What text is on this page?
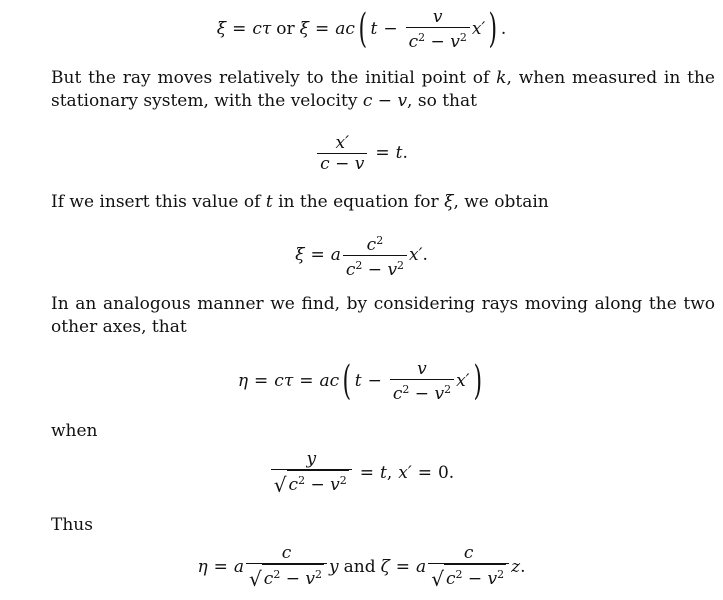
ξ = c τ or ξ = a c ( $t - \frac{v}{c^2 - v^2} x'$ ) .

But the ray moves relatively to the initial point of k, when measured in the stationary system, with the velocity c − v, so that

$\frac{x'}{c - v} = t$ .

If we insert this value of t in the equation for ξ, we obtain

ξ = a $\frac{c^2}{c^2 - v^2} x'$ .

In an analogous manner we find, by considering rays moving along the two other axes, that

η = c τ = a c ( $t - \frac{v}{c^2 - v^2} x'$ )

when

$\frac{y}{√ c^2 - v^2} = t$ , x′ = 0 .

Thus

η = a $\frac{c}{√ c^2 - v^2}$ y and ζ = a $\frac{c}{√ c^2 - v^2}$ z .
